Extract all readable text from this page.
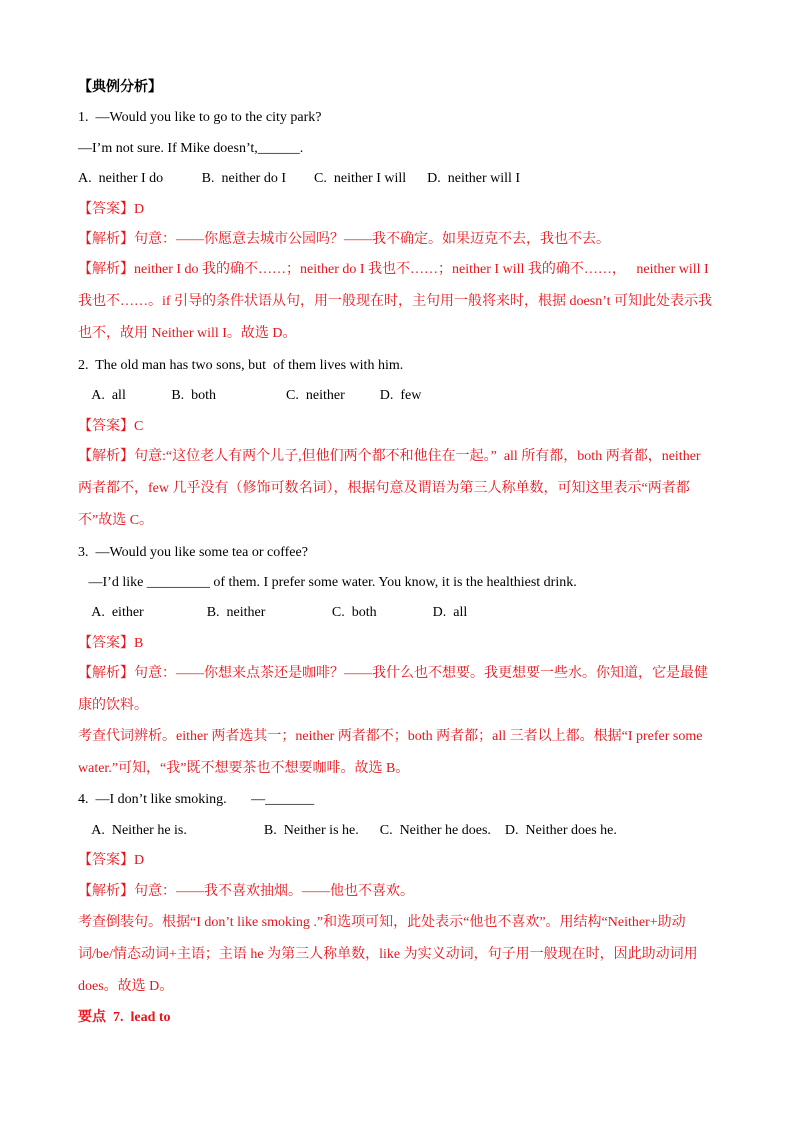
【典例分析】
1.  —Would you like to go to the city park?
—I’m not sure. If Mike doesn’t,______.
A.  neither I do           B.  neither do I        C.  neither I will      D.  neither will I
【答案】D
【解析】句意：——你愿意去城市公园吗？——我不确定。如果迈克不去，我也不去。
【解析】neither I do 我的确不……；neither do I 我也不……；neither I will 我的确不……，   neither will I
我也不……。if 引导的条件状语从句，用一般现在时，主句用一般将来时，根据 doesn’t 可知此处表示我
也不，故用 Neither will I。故选 D。
2.  The old man has two sons, but  of them lives with him.
A.  all             B.  both                    C.  neither          D.  few
【答案】C
【解析】句意:“这位老人有两个儿子,但他们两个都不和他住在一起。”  all 所有都，both 两者都，neither
两者都不，few 几乎没有（修饰可数名词），根据句意及谓语为第三人称单数，可知这里表示“两者都
不”故选 C。
3.  —Would you like some tea or coffee?
—I’d like _________ of them. I prefer some water. You know, it is the healthiest drink.
A.  either                  B.  neither                   C.  both                D.  all
【答案】B
【解析】句意：——你想来点茶还是咖啡？——我什么也不想要。我更想要一些水。你知道，它是最健
康的饮料。
考查代词辨析。either 两者选其一；neither 两者都不；both 两者都；all 三者以上都。根据“I prefer some
water.”可知，“我”既不想要茶也不想要咖啡。故选 B。
4.  —I don’t like smoking.       —_______
A.  Neither he is.                      B.  Neither is he.      C.  Neither he does.    D.  Neither does he.
【答案】D
【解析】句意：——我不喜欢抽烟。——他也不喜欢。
考查倒装句。根据“I don’t like smoking .”和选项可知，此处表示“他也不喜欢”。用结构“Neither+助动
词/be/情态动词+主语；主语 he 为第三人称单数，like 为实义动词，句子用一般现在时，因此助动词用
does。故选 D。
要点  7.  lead to
